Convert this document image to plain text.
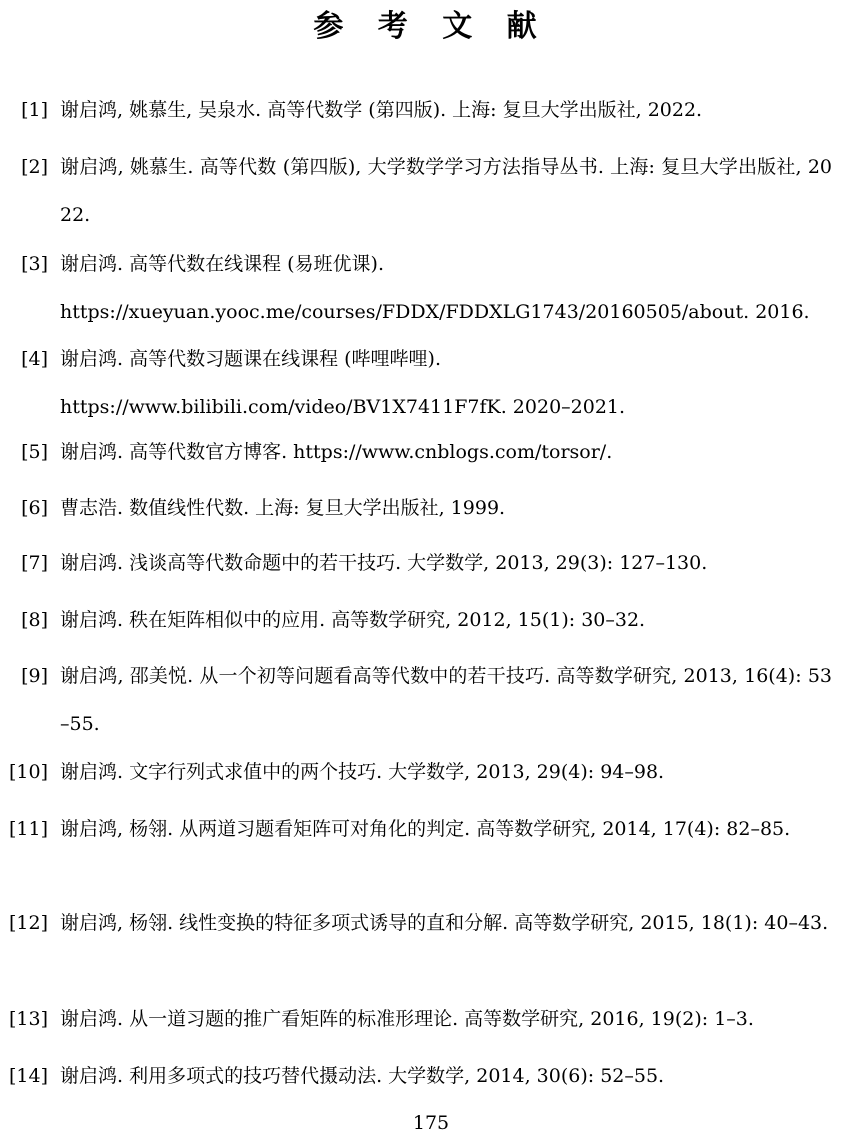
参 考 文 献
[1] 谢启鸿, 姚慕生, 吴泉水. 高等代数学 (第四版). 上海: 复旦大学出版社, 2022.
[2] 谢启鸿, 姚慕生. 高等代数 (第四版), 大学数学学习方法指导丛书. 上海: 复旦大学出版社, 2022.
[3] 谢启鸿. 高等代数在线课程 (易班优课). https://xueyuan.yooc.me/courses/FDDX/FDDXLG1743/20160505/about. 2016.
[4] 谢启鸿. 高等代数习题课在线课程 (哔哩哔哩). https://www.bilibili.com/video/BV1X7411F7fK. 2020–2021.
[5] 谢启鸿. 高等代数官方博客. https://www.cnblogs.com/torsor/.
[6] 曹志浩. 数值线性代数. 上海: 复旦大学出版社, 1999.
[7] 谢启鸿. 浅谈高等代数命题中的若干技巧. 大学数学, 2013, 29(3): 127–130.
[8] 谢启鸿. 秩在矩阵相似中的应用. 高等数学研究, 2012, 15(1): 30–32.
[9] 谢启鸿, 邵美悦. 从一个初等问题看高等代数中的若干技巧. 高等数学研究, 2013, 16(4): 53–55.
[10] 谢启鸿. 文字行列式求值中的两个技巧. 大学数学, 2013, 29(4): 94–98.
[11] 谢启鸿, 杨翎. 从两道习题看矩阵可对角化的判定. 高等数学研究, 2014, 17(4): 82–85.
[12] 谢启鸿, 杨翎. 线性变换的特征多项式诱导的直和分解. 高等数学研究, 2015, 18(1): 40–43.
[13] 谢启鸿. 从一道习题的推广看矩阵的标准形理论. 高等数学研究, 2016, 19(2): 1–3.
[14] 谢启鸿. 利用多项式的技巧替代摄动法. 大学数学, 2014, 30(6): 52–55.
175
